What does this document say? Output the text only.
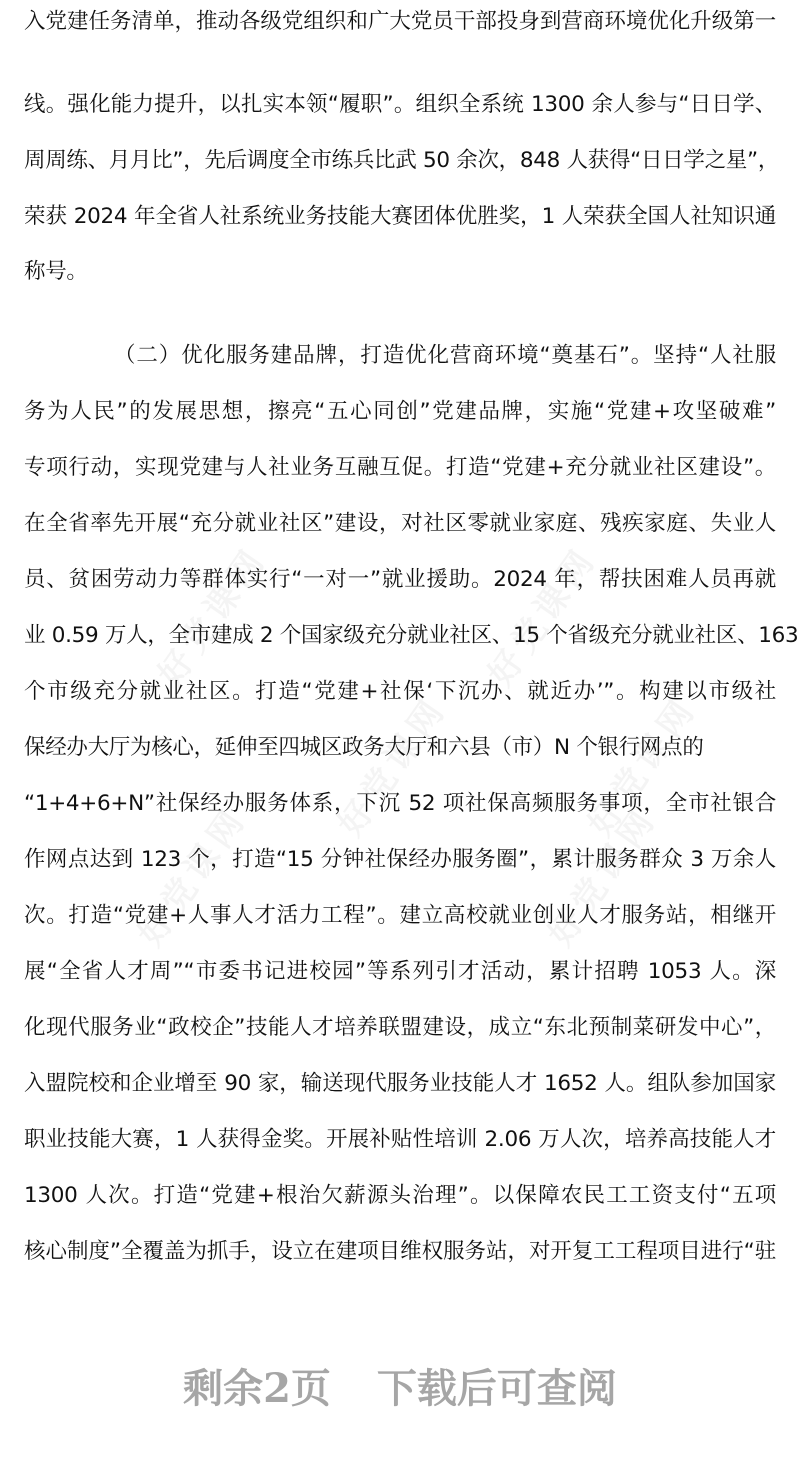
入党建任务清单，推动各级党组织和广大党员干部投身到营商环境优化升级第一
线。强化能力提升，以扎实本领“履职”。组织全系统 1300 余人参与“日日学、
周周练、月月比”，先后调度全市练兵比武 50 余次，848 人获得“日日学之星”，
荣获 2024 年全省人社系统业务技能大赛团体优胜奖，1 人荣获全国人社知识通
称号。
（二）优化服务建品牌，打造优化营商环境“奠基石”。坚持“人社服
务为人民”的发展思想，擦亮“五心同创”党建品牌，实施“党建+攻坚破难”
专项行动，实现党建与人社业务互融互促。打造“党建+充分就业社区建设”。
在全省率先开展“充分就业社区”建设，对社区零就业家庭、残疾家庭、失业人
员、贫困劳动力等群体实行“一对一”就业援助。2024 年，帮扶困难人员再就
业 0.59 万人，全市建成 2 个国家级充分就业社区、15 个省级充分就业社区、163
个市级充分就业社区。打造“党建+社保‘下沉办、就近办’”。构建以市级社
保经办大厅为核心，延伸至四城区政务大厅和六县（市）N 个银行网点的
“1+4+6+N”社保经办服务体系，下沉 52 项社保高频服务事项，全市社银合
作网点达到 123 个，打造“15 分钟社保经办服务圈”，累计服务群众 3 万余人
次。打造“党建+人事人才活力工程”。建立高校就业创业人才服务站，相继开
展“全省人才周”“市委书记进校园”等系列引才活动，累计招聘 1053 人。深
化现代服务业“政校企”技能人才培养联盟建设，成立“东北预制菜研发中心”，
入盟院校和企业增至 90 家，输送现代服务业技能人才 1652 人。组队参加国家
职业技能大赛，1 人获得金奖。开展补贴性培训 2.06 万人次，培养高技能人才
1300 人次。打造“党建+根治欠薪源头治理”。以保障农民工工资支付“五项
核心制度”全覆盖为抓手，设立在建项目维权服务站，对开复工工程项目进行“驻
剩余2页 下载后可查阅
